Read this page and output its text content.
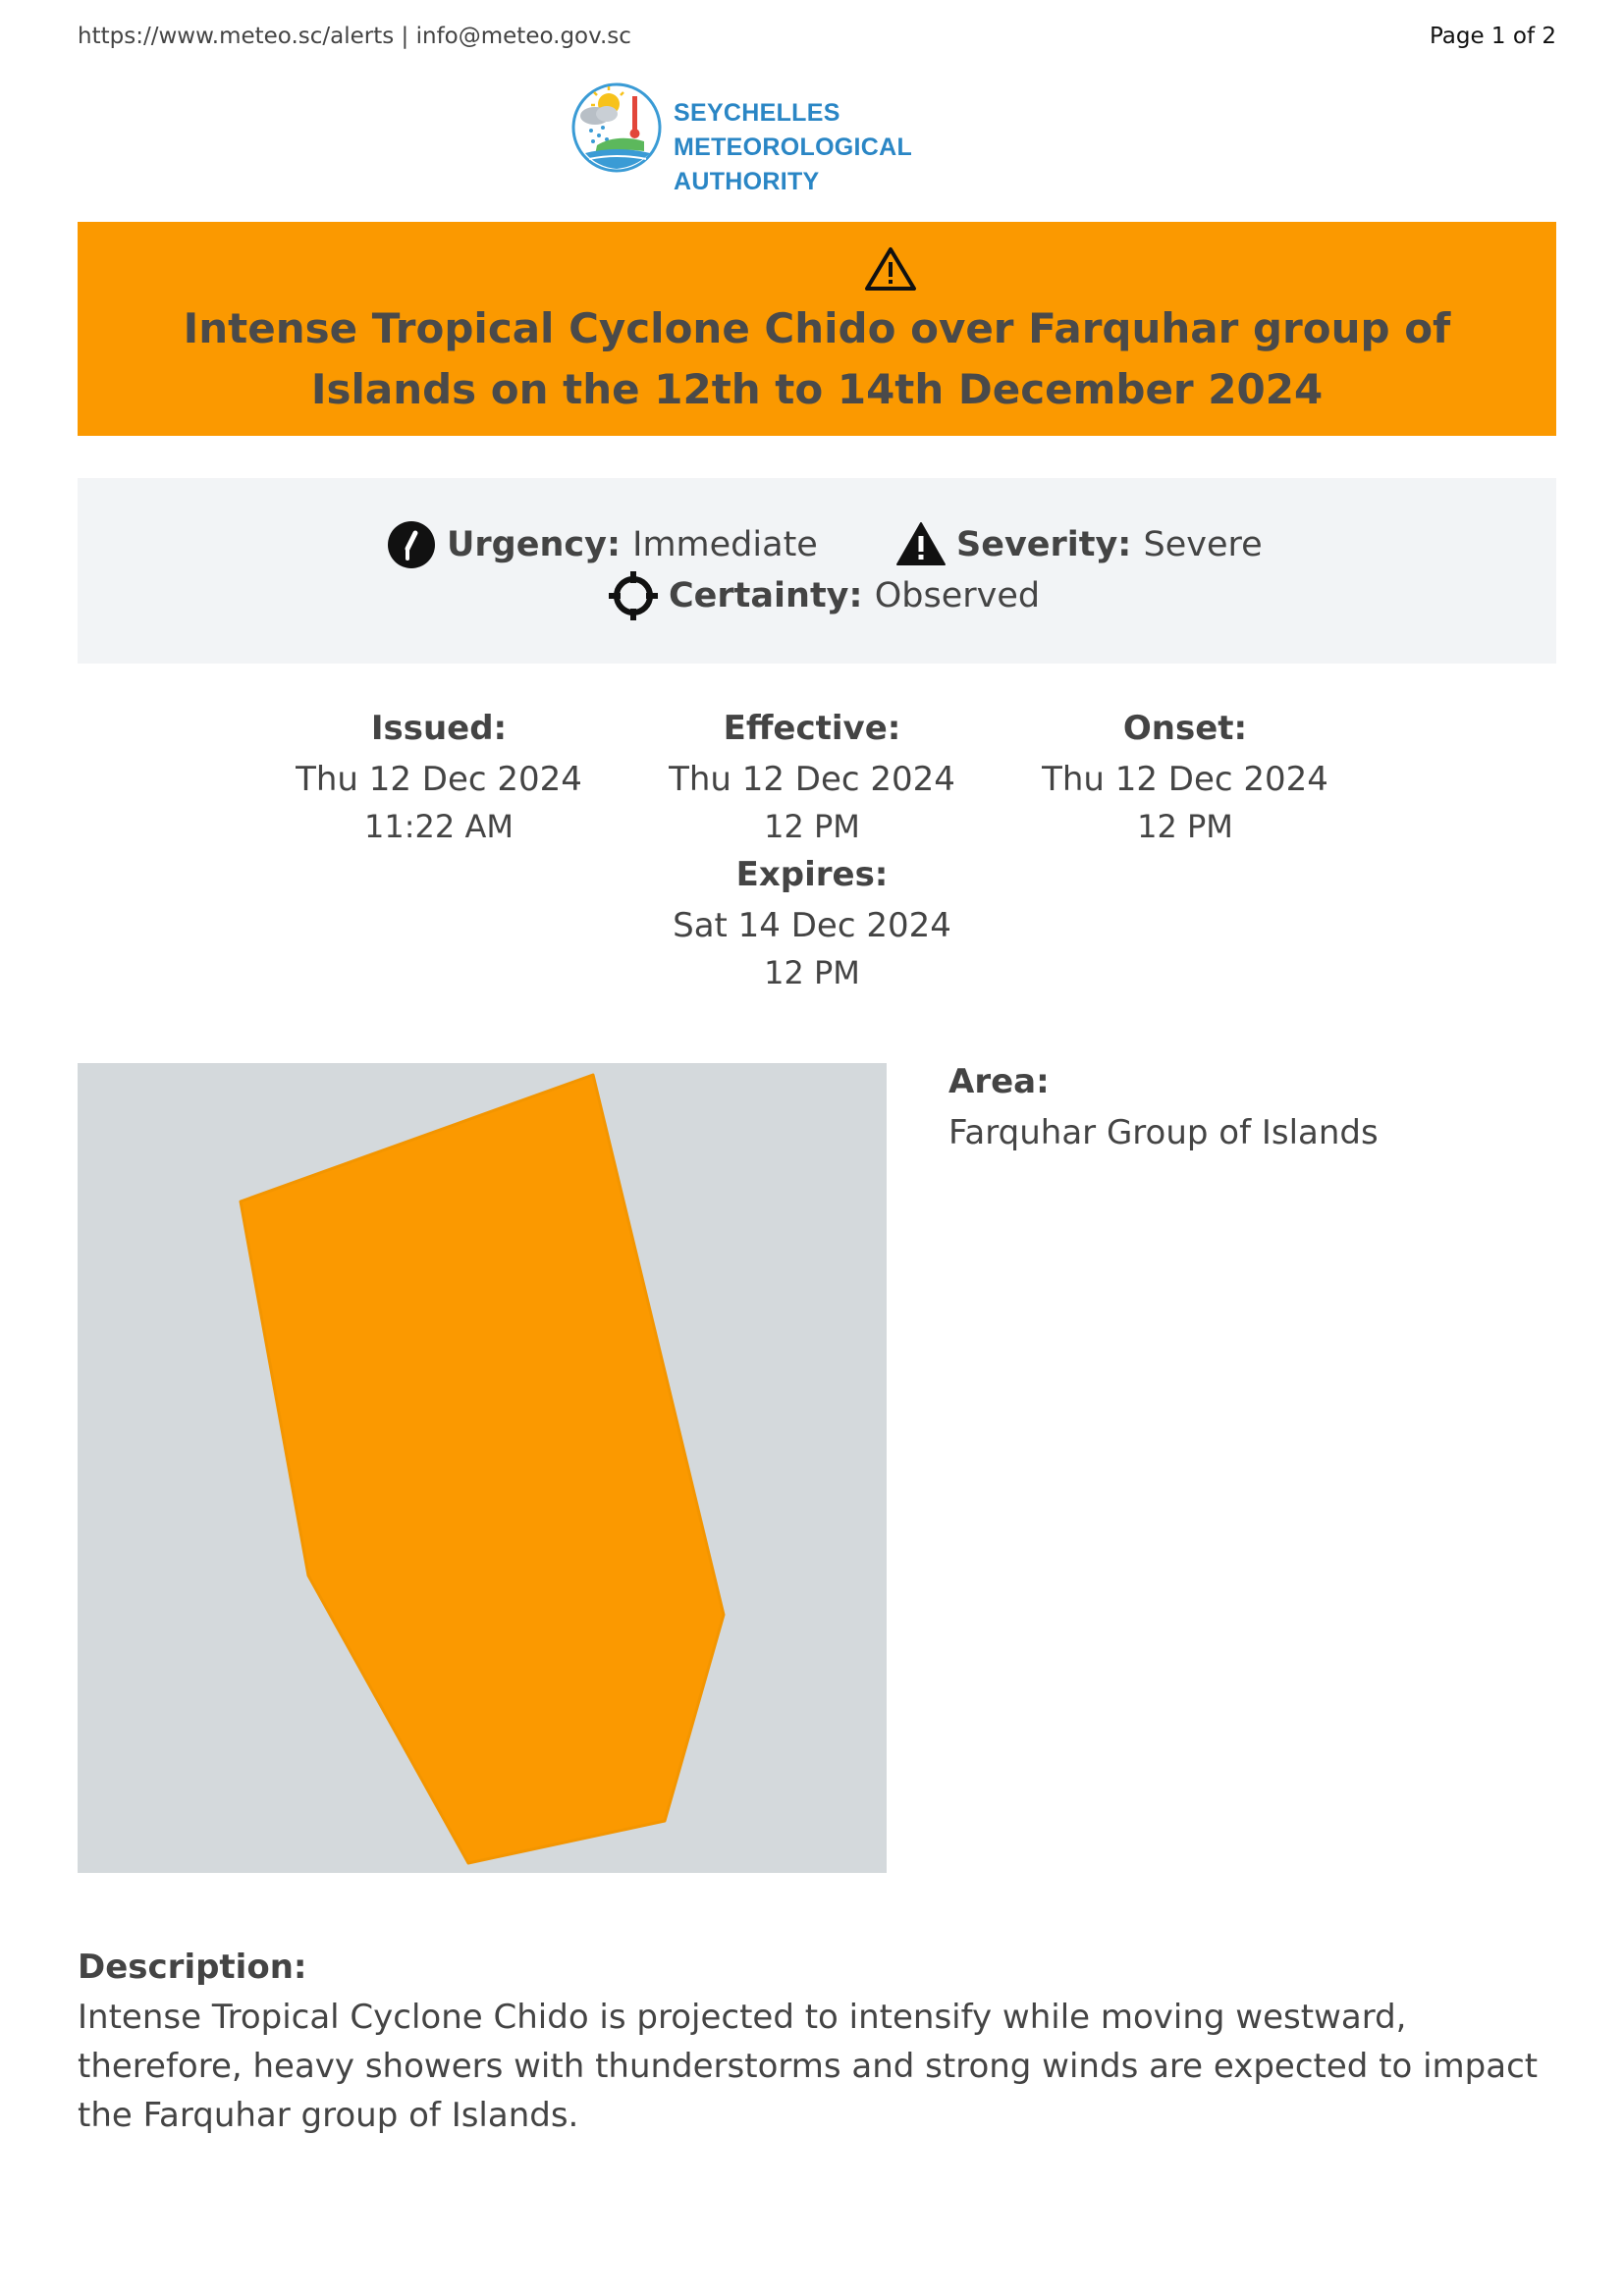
https://www.meteo.sc/alerts | info@meteo.gov.sc	Page 1 of 2
SEYCHELLES METEOROLOGICAL
AUTHORITY
Intense Tropical Cyclone Chido over Farquhar group of Islands on the 12th to 14th December 2024
Urgency: Immediate	Severity: Severe
Certainty: Observed
Issued:
Thu 12 Dec 2024
11:22 AM
Effective:
Thu 12 Dec 2024
12 PM
Onset:
Thu 12 Dec 2024
12 PM
Expires:
Sat 14 Dec 2024
12 PM
Area:
Farquhar Group of Islands
Description:
Intense Tropical Cyclone Chido is projected to intensify while moving westward, therefore, heavy showers with thunderstorms and strong winds are expected to impact the Farquhar group of Islands.
